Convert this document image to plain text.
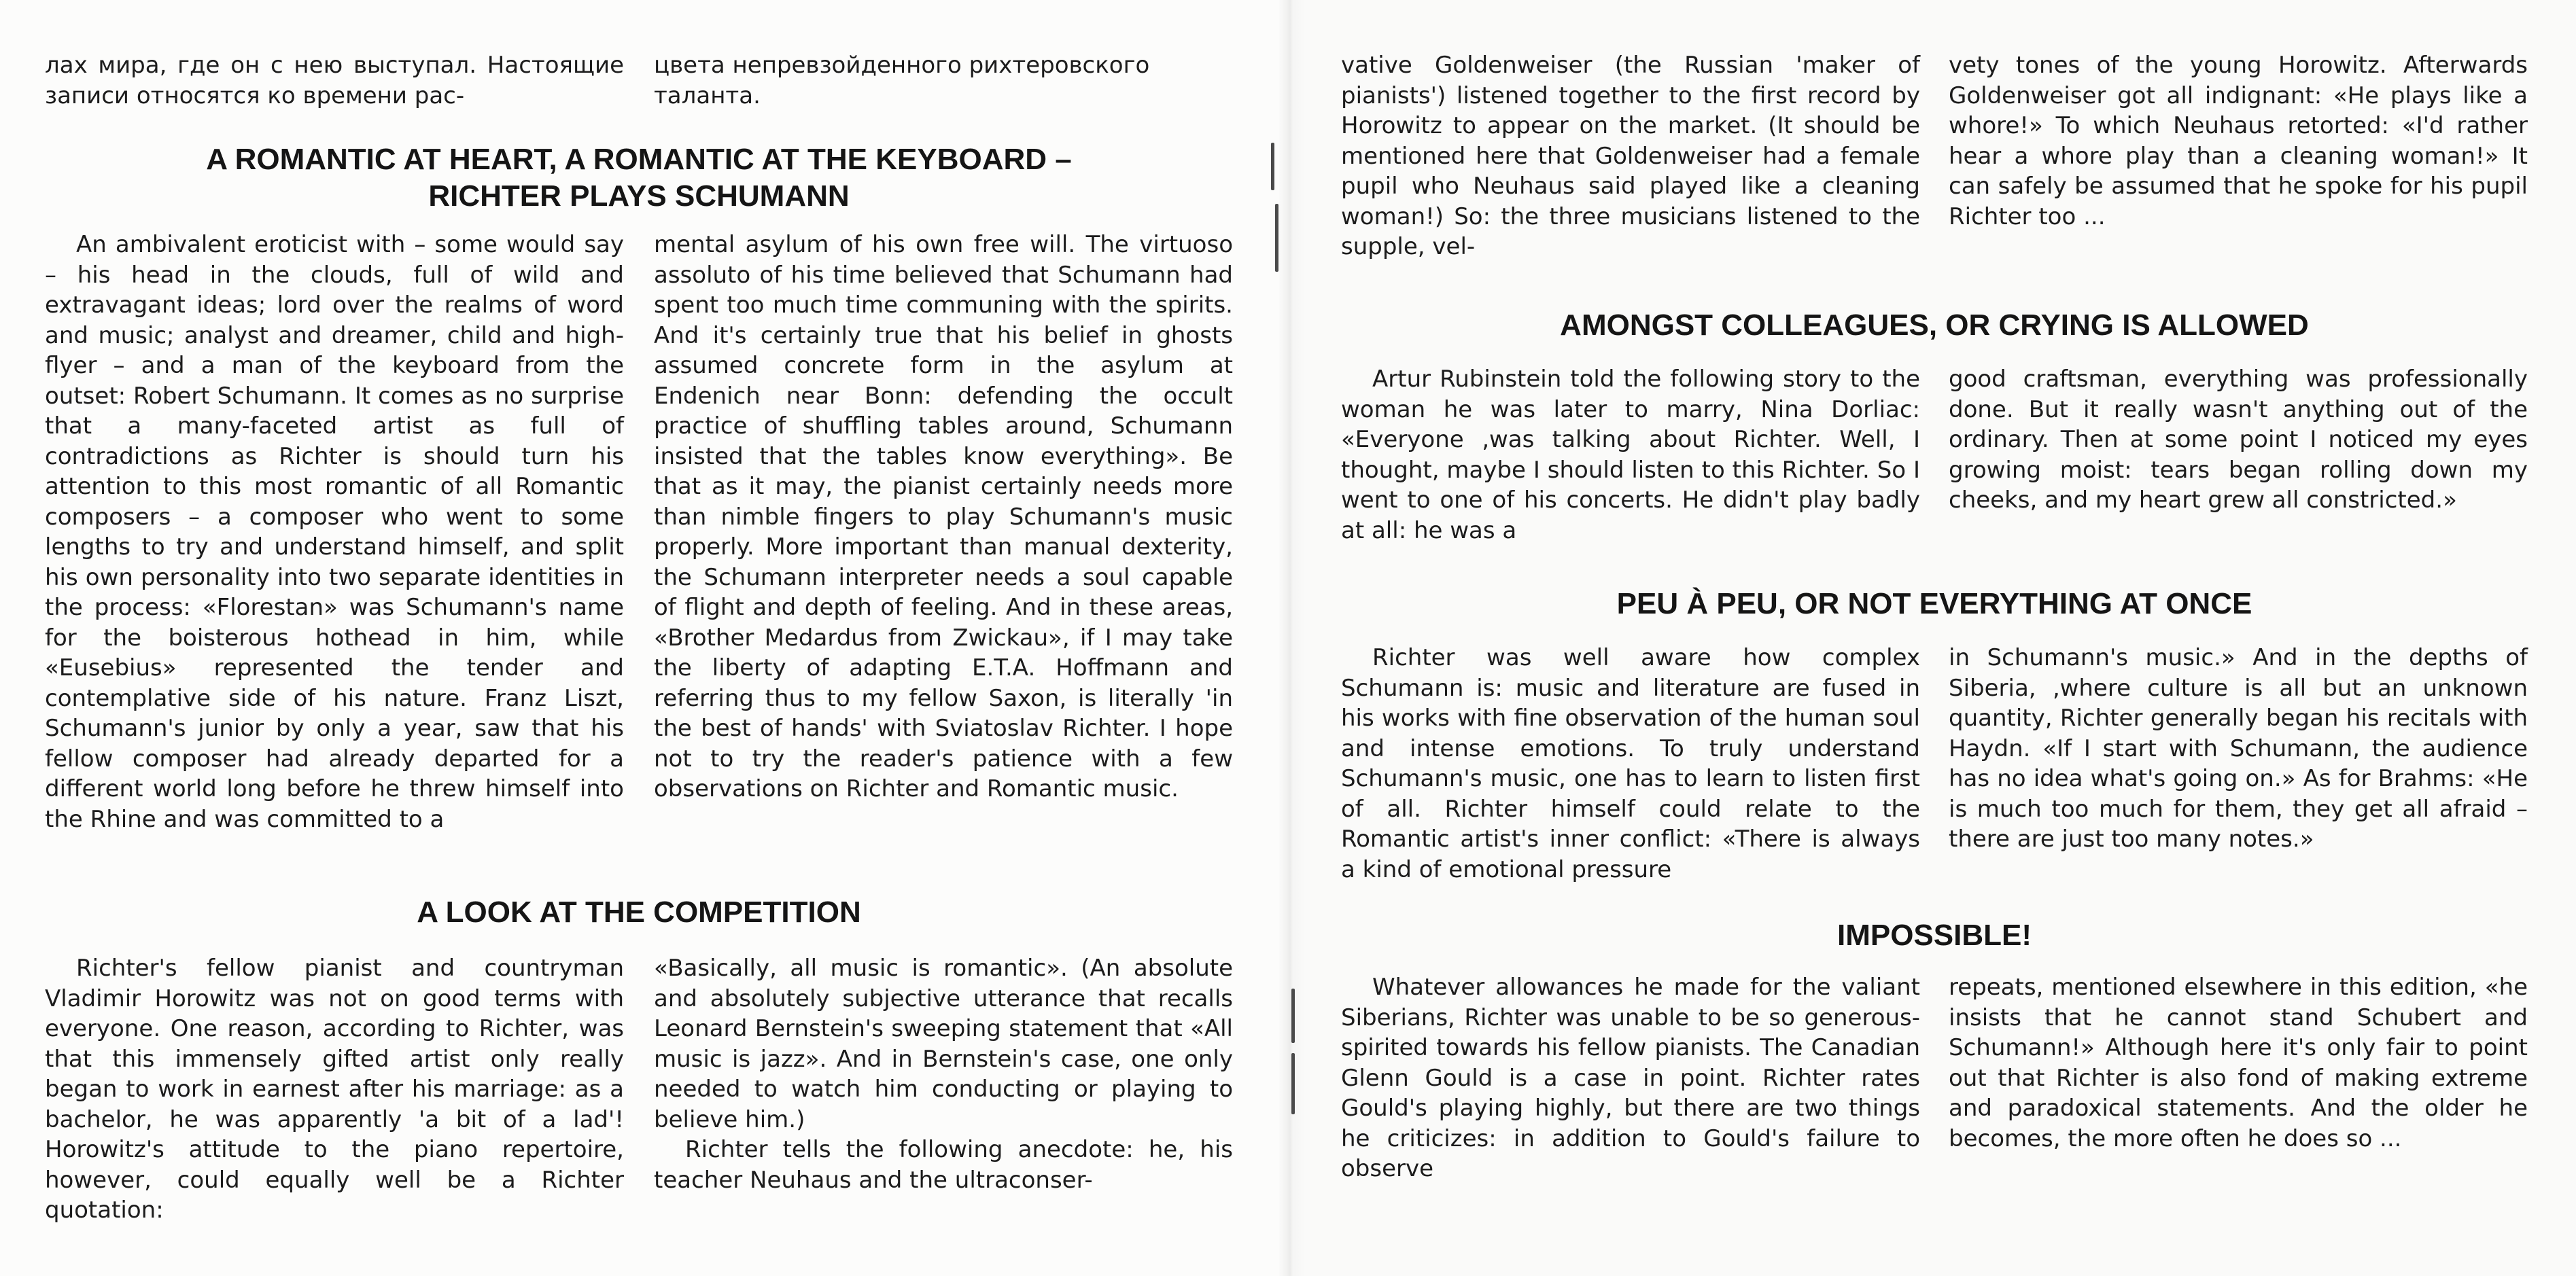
лах мира, где он с нею выступал. Настоящие записи относятся ко времени рас-

цвета непревзойденного рихтеровского таланта.

A ROMANTIC AT HEART, A ROMANTIC AT THE KEYBOARD –
RICHTER PLAYS SCHUMANN

An ambivalent eroticist with – some would say – his head in the clouds, full of wild and extravagant ideas; lord over the realms of word and music; analyst and dreamer, child and high-flyer – and a man of the keyboard from the outset: Robert Schumann. It comes as no surprise that a many-faceted artist as full of contradictions as Richter is should turn his attention to this most romantic of all Romantic composers – a composer who went to some lengths to try and understand himself, and split his own personality into two separate identities in the process: «Florestan» was Schumann's name for the boisterous hothead in him, while «Eusebius» represented the tender and contemplative side of his nature. Franz Liszt, Schumann's junior by only a year, saw that his fellow composer had already departed for a different world long before he threw himself into the Rhine and was committed to a

mental asylum of his own free will. The virtuoso assoluto of his time believed that Schumann had spent too much time communing with the spirits. And it's certainly true that his belief in ghosts assumed concrete form in the asylum at Endenich near Bonn: defending the occult practice of shuffling tables around, Schumann insisted that the tables know everything». Be that as it may, the pianist certainly needs more than nimble fingers to play Schumann's music properly. More important than manual dexterity, the Schumann interpreter needs a soul capable of flight and depth of feeling. And in these areas, «Brother Medardus from Zwickau», if I may take the liberty of adapting E.T.A. Hoffmann and referring thus to my fellow Saxon, is literally 'in the best of hands' with Sviatoslav Richter. I hope not to try the reader's patience with a few observations on Richter and Romantic music.

A LOOK AT THE COMPETITION

Richter's fellow pianist and countryman Vladimir Horowitz was not on good terms with everyone. One reason, according to Richter, was that this immensely gifted artist only really began to work in earnest after his marriage: as a bachelor, he was apparently 'a bit of a lad'! Horowitz's attitude to the piano repertoire, however, could equally well be a Richter quotation:

«Basically, all music is romantic». (An absolute and absolutely subjective utterance that recalls Leonard Bernstein's sweeping statement that «All music is jazz». And in Bernstein's case, one only needed to watch him conducting or playing to believe him.)

Richter tells the following anecdote: he, his teacher Neuhaus and the ultraconser-

vative Goldenweiser (the Russian 'maker of pianists') listened together to the first record by Horowitz to appear on the market. (It should be mentioned here that Goldenweiser had a female pupil who Neuhaus said played like a cleaning woman!) So: the three musicians listened to the supple, vel-

vety tones of the young Horowitz. Afterwards Goldenweiser got all indignant: «He plays like a whore!» To which Neuhaus retorted: «I'd rather hear a whore play than a cleaning woman!» It can safely be assumed that he spoke for his pupil Richter too ...

AMONGST COLLEAGUES, OR CRYING IS ALLOWED

Artur Rubinstein told the following story to the woman he was later to marry, Nina Dorliac: «Everyone ‚was talking about Richter. Well, I thought, maybe I should listen to this Richter. So I went to one of his concerts. He didn't play badly at all: he was a

good craftsman, everything was professionally done. But it really wasn't anything out of the ordinary. Then at some point I noticed my eyes growing moist: tears began rolling down my cheeks, and my heart grew all constricted.»

PEU À PEU, OR NOT EVERYTHING AT ONCE

Richter was well aware how complex Schumann is: music and literature are fused in his works with fine observation of the human soul and intense emotions. To truly understand Schumann's music, one has to learn to listen first of all. Richter himself could relate to the Romantic artist's inner conflict: «There is always a kind of emotional pressure

in Schumann's music.» And in the depths of Siberia, ‚where culture is all but an unknown quantity, Richter generally began his recitals with Haydn. «If I start with Schumann, the audience has no idea what's going on.» As for Brahms: «He is much too much for them, they get all afraid – there are just too many notes.»

IMPOSSIBLE!

Whatever allowances he made for the valiant Siberians, Richter was unable to be so generous-spirited towards his fellow pianists. The Canadian Glenn Gould is a case in point. Richter rates Gould's playing highly, but there are two things he criticizes: in addition to Gould's failure to observe

repeats, mentioned elsewhere in this edition, «he insists that he cannot stand Schubert and Schumann!» Although here it's only fair to point out that Richter is also fond of making extreme and paradoxical statements. And the older he becomes, the more often he does so ...
